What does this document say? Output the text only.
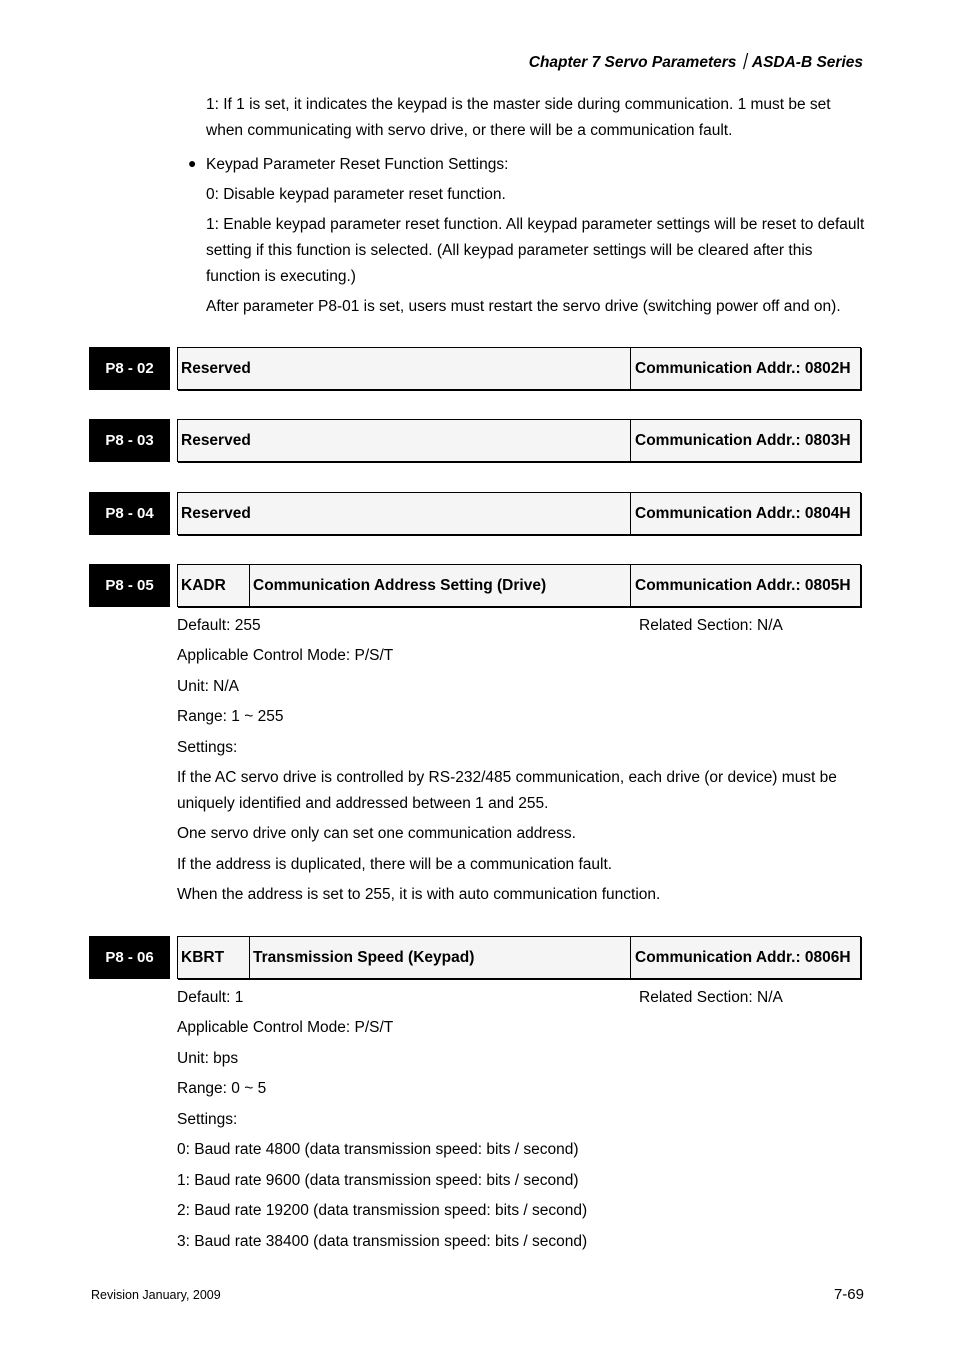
Chapter 7 Servo Parameters｜ASDA-B Series
1: If 1 is set, it indicates the keypad is the master side during communication. 1 must be set when communicating with servo drive, or there will be a communication fault.
● Keypad Parameter Reset Function Settings:
0: Disable keypad parameter reset function.
1: Enable keypad parameter reset function. All keypad parameter settings will be reset to default setting if this function is selected. (All keypad parameter settings will be cleared after this function is executing.)
After parameter P8-01 is set, users must restart the servo drive (switching power off and on).
P8 - 02	Reserved	Communication Addr.: 0802H
P8 - 03	Reserved	Communication Addr.: 0803H
P8 - 04	Reserved	Communication Addr.: 0804H
P8 - 05	KADR	Communication Address Setting (Drive)	Communication Addr.: 0805H
Default: 255	Related Section: N/A
Applicable Control Mode: P/S/T
Unit: N/A
Range: 1 ~ 255
Settings:
If the AC servo drive is controlled by RS-232/485 communication, each drive (or device) must be uniquely identified and addressed between 1 and 255.
One servo drive only can set one communication address.
If the address is duplicated, there will be a communication fault.
When the address is set to 255, it is with auto communication function.
P8 - 06	KBRT	Transmission Speed (Keypad)	Communication Addr.: 0806H
Default: 1	Related Section: N/A
Applicable Control Mode: P/S/T
Unit: bps
Range: 0 ~ 5
Settings:
0: Baud rate 4800 (data transmission speed: bits / second)
1: Baud rate 9600 (data transmission speed: bits / second)
2: Baud rate 19200 (data transmission speed: bits / second)
3: Baud rate 38400 (data transmission speed: bits / second)
Revision January, 2009	7-69
